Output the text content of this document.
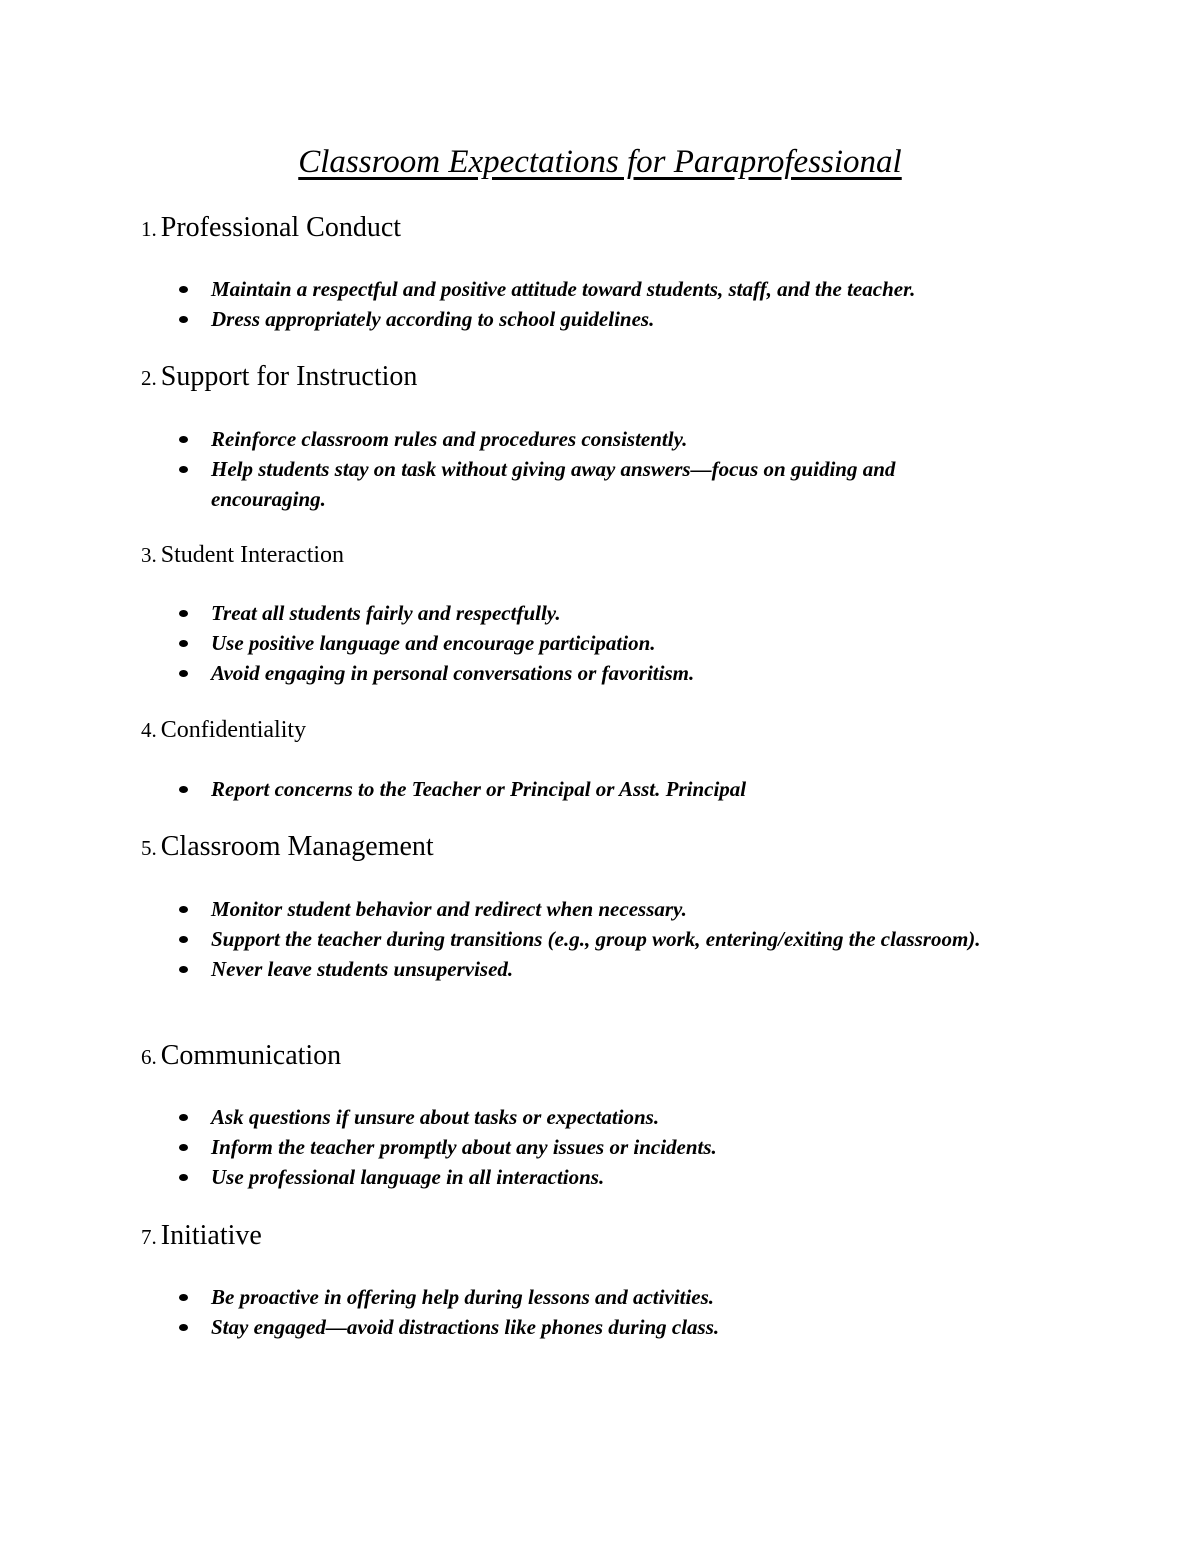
Classroom Expectations for Paraprofessional
1. Professional Conduct
Maintain a respectful and positive attitude toward students, staff, and the teacher.
Dress appropriately according to school guidelines.
2. Support for Instruction
Reinforce classroom rules and procedures consistently.
Help students stay on task without giving away answers—focus on guiding and encouraging.
3. Student Interaction
Treat all students fairly and respectfully.
Use positive language and encourage participation.
Avoid engaging in personal conversations or favoritism.
4. Confidentiality
Report concerns to the Teacher or Principal or Asst. Principal
5. Classroom Management
Monitor student behavior and redirect when necessary.
Support the teacher during transitions (e.g., group work, entering/exiting the classroom).
Never leave students unsupervised.
6. Communication
Ask questions if unsure about tasks or expectations.
Inform the teacher promptly about any issues or incidents.
Use professional language in all interactions.
7. Initiative
Be proactive in offering help during lessons and activities.
Stay engaged—avoid distractions like phones during class.
